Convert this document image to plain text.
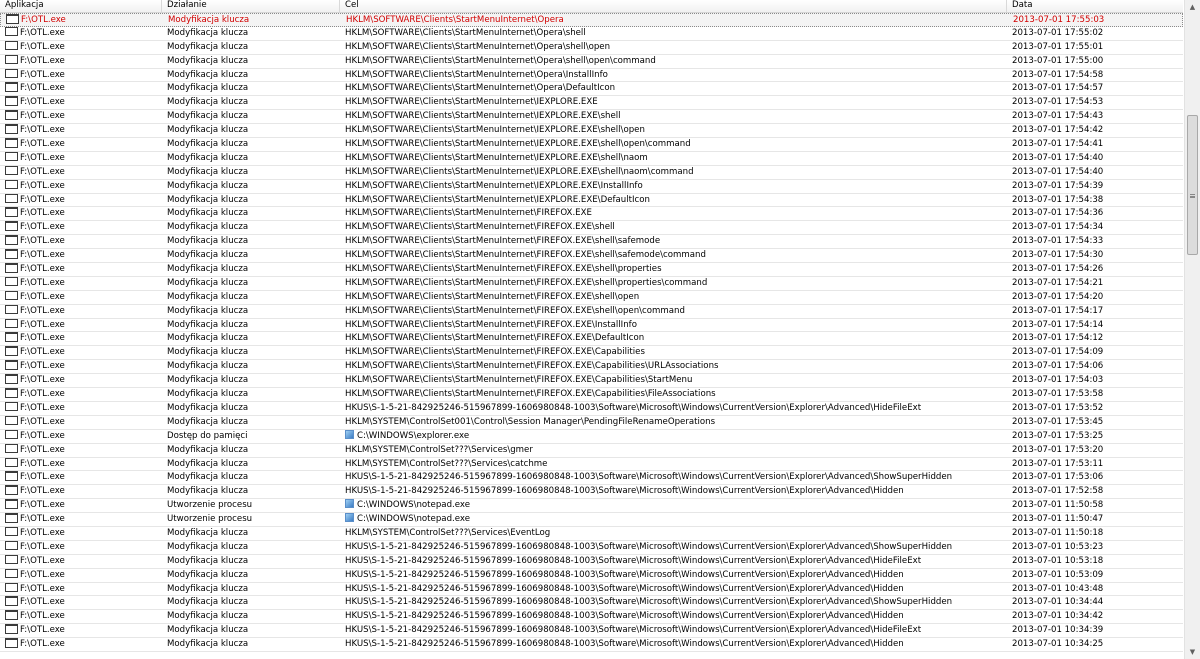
Aplikacja	Działanie	Cel	Data
F:\OTL.exe	Modyfikacja klucza	HKLM\SOFTWARE\Clients\StartMenuInternet\Opera	2013-07-01 17:55:03
F:\OTL.exe	Modyfikacja klucza	HKLM\SOFTWARE\Clients\StartMenuInternet\Opera\shell	2013-07-01 17:55:02
F:\OTL.exe	Modyfikacja klucza	HKLM\SOFTWARE\Clients\StartMenuInternet\Opera\shell\open	2013-07-01 17:55:01
F:\OTL.exe	Modyfikacja klucza	HKLM\SOFTWARE\Clients\StartMenuInternet\Opera\shell\open\command	2013-07-01 17:55:00
F:\OTL.exe	Modyfikacja klucza	HKLM\SOFTWARE\Clients\StartMenuInternet\Opera\InstallInfo	2013-07-01 17:54:58
F:\OTL.exe	Modyfikacja klucza	HKLM\SOFTWARE\Clients\StartMenuInternet\Opera\DefaultIcon	2013-07-01 17:54:57
F:\OTL.exe	Modyfikacja klucza	HKLM\SOFTWARE\Clients\StartMenuInternet\IEXPLORE.EXE	2013-07-01 17:54:53
F:\OTL.exe	Modyfikacja klucza	HKLM\SOFTWARE\Clients\StartMenuInternet\IEXPLORE.EXE\shell	2013-07-01 17:54:43
F:\OTL.exe	Modyfikacja klucza	HKLM\SOFTWARE\Clients\StartMenuInternet\IEXPLORE.EXE\shell\open	2013-07-01 17:54:42
F:\OTL.exe	Modyfikacja klucza	HKLM\SOFTWARE\Clients\StartMenuInternet\IEXPLORE.EXE\shell\open\command	2013-07-01 17:54:41
F:\OTL.exe	Modyfikacja klucza	HKLM\SOFTWARE\Clients\StartMenuInternet\IEXPLORE.EXE\shell\naom	2013-07-01 17:54:40
F:\OTL.exe	Modyfikacja klucza	HKLM\SOFTWARE\Clients\StartMenuInternet\IEXPLORE.EXE\shell\naom\command	2013-07-01 17:54:40
F:\OTL.exe	Modyfikacja klucza	HKLM\SOFTWARE\Clients\StartMenuInternet\IEXPLORE.EXE\InstallInfo	2013-07-01 17:54:39
F:\OTL.exe	Modyfikacja klucza	HKLM\SOFTWARE\Clients\StartMenuInternet\IEXPLORE.EXE\DefaultIcon	2013-07-01 17:54:38
F:\OTL.exe	Modyfikacja klucza	HKLM\SOFTWARE\Clients\StartMenuInternet\FIREFOX.EXE	2013-07-01 17:54:36
F:\OTL.exe	Modyfikacja klucza	HKLM\SOFTWARE\Clients\StartMenuInternet\FIREFOX.EXE\shell	2013-07-01 17:54:34
F:\OTL.exe	Modyfikacja klucza	HKLM\SOFTWARE\Clients\StartMenuInternet\FIREFOX.EXE\shell\safemode	2013-07-01 17:54:33
F:\OTL.exe	Modyfikacja klucza	HKLM\SOFTWARE\Clients\StartMenuInternet\FIREFOX.EXE\shell\safemode\command	2013-07-01 17:54:30
F:\OTL.exe	Modyfikacja klucza	HKLM\SOFTWARE\Clients\StartMenuInternet\FIREFOX.EXE\shell\properties	2013-07-01 17:54:26
F:\OTL.exe	Modyfikacja klucza	HKLM\SOFTWARE\Clients\StartMenuInternet\FIREFOX.EXE\shell\properties\command	2013-07-01 17:54:21
F:\OTL.exe	Modyfikacja klucza	HKLM\SOFTWARE\Clients\StartMenuInternet\FIREFOX.EXE\shell\open	2013-07-01 17:54:20
F:\OTL.exe	Modyfikacja klucza	HKLM\SOFTWARE\Clients\StartMenuInternet\FIREFOX.EXE\shell\open\command	2013-07-01 17:54:17
F:\OTL.exe	Modyfikacja klucza	HKLM\SOFTWARE\Clients\StartMenuInternet\FIREFOX.EXE\InstallInfo	2013-07-01 17:54:14
F:\OTL.exe	Modyfikacja klucza	HKLM\SOFTWARE\Clients\StartMenuInternet\FIREFOX.EXE\DefaultIcon	2013-07-01 17:54:12
F:\OTL.exe	Modyfikacja klucza	HKLM\SOFTWARE\Clients\StartMenuInternet\FIREFOX.EXE\Capabilities	2013-07-01 17:54:09
F:\OTL.exe	Modyfikacja klucza	HKLM\SOFTWARE\Clients\StartMenuInternet\FIREFOX.EXE\Capabilities\URLAssociations	2013-07-01 17:54:06
F:\OTL.exe	Modyfikacja klucza	HKLM\SOFTWARE\Clients\StartMenuInternet\FIREFOX.EXE\Capabilities\StartMenu	2013-07-01 17:54:03
F:\OTL.exe	Modyfikacja klucza	HKLM\SOFTWARE\Clients\StartMenuInternet\FIREFOX.EXE\Capabilities\FileAssociations	2013-07-01 17:53:58
F:\OTL.exe	Modyfikacja klucza	HKUS\S-1-5-21-842925246-515967899-1606980848-1003\Software\Microsoft\Windows\CurrentVersion\Explorer\Advanced\HideFileExt	2013-07-01 17:53:52
F:\OTL.exe	Modyfikacja klucza	HKLM\SYSTEM\ControlSet001\Control\Session Manager\PendingFileRenameOperations	2013-07-01 17:53:45
F:\OTL.exe	Dostęp do pamięci	C:\WINDOWS\explorer.exe	2013-07-01 17:53:25
F:\OTL.exe	Modyfikacja klucza	HKLM\SYSTEM\ControlSet???\Services\gmer	2013-07-01 17:53:20
F:\OTL.exe	Modyfikacja klucza	HKLM\SYSTEM\ControlSet???\Services\catchme	2013-07-01 17:53:11
F:\OTL.exe	Modyfikacja klucza	HKUS\S-1-5-21-842925246-515967899-1606980848-1003\Software\Microsoft\Windows\CurrentVersion\Explorer\Advanced\ShowSuperHidden	2013-07-01 17:53:06
F:\OTL.exe	Modyfikacja klucza	HKUS\S-1-5-21-842925246-515967899-1606980848-1003\Software\Microsoft\Windows\CurrentVersion\Explorer\Advanced\Hidden	2013-07-01 17:52:58
F:\OTL.exe	Utworzenie procesu	C:\WINDOWS\notepad.exe	2013-07-01 11:50:58
F:\OTL.exe	Utworzenie procesu	C:\WINDOWS\notepad.exe	2013-07-01 11:50:47
F:\OTL.exe	Modyfikacja klucza	HKLM\SYSTEM\ControlSet???\Services\EventLog	2013-07-01 11:50:18
F:\OTL.exe	Modyfikacja klucza	HKUS\S-1-5-21-842925246-515967899-1606980848-1003\Software\Microsoft\Windows\CurrentVersion\Explorer\Advanced\ShowSuperHidden	2013-07-01 10:53:23
F:\OTL.exe	Modyfikacja klucza	HKUS\S-1-5-21-842925246-515967899-1606980848-1003\Software\Microsoft\Windows\CurrentVersion\Explorer\Advanced\HideFileExt	2013-07-01 10:53:18
F:\OTL.exe	Modyfikacja klucza	HKUS\S-1-5-21-842925246-515967899-1606980848-1003\Software\Microsoft\Windows\CurrentVersion\Explorer\Advanced\Hidden	2013-07-01 10:53:09
F:\OTL.exe	Modyfikacja klucza	HKUS\S-1-5-21-842925246-515967899-1606980848-1003\Software\Microsoft\Windows\CurrentVersion\Explorer\Advanced\Hidden	2013-07-01 10:43:48
F:\OTL.exe	Modyfikacja klucza	HKUS\S-1-5-21-842925246-515967899-1606980848-1003\Software\Microsoft\Windows\CurrentVersion\Explorer\Advanced\ShowSuperHidden	2013-07-01 10:34:44
F:\OTL.exe	Modyfikacja klucza	HKUS\S-1-5-21-842925246-515967899-1606980848-1003\Software\Microsoft\Windows\CurrentVersion\Explorer\Advanced\Hidden	2013-07-01 10:34:42
F:\OTL.exe	Modyfikacja klucza	HKUS\S-1-5-21-842925246-515967899-1606980848-1003\Software\Microsoft\Windows\CurrentVersion\Explorer\Advanced\HideFileExt	2013-07-01 10:34:39
F:\OTL.exe	Modyfikacja klucza	HKUS\S-1-5-21-842925246-515967899-1606980848-1003\Software\Microsoft\Windows\CurrentVersion\Explorer\Advanced\Hidden	2013-07-01 10:34:25
▲
▼
